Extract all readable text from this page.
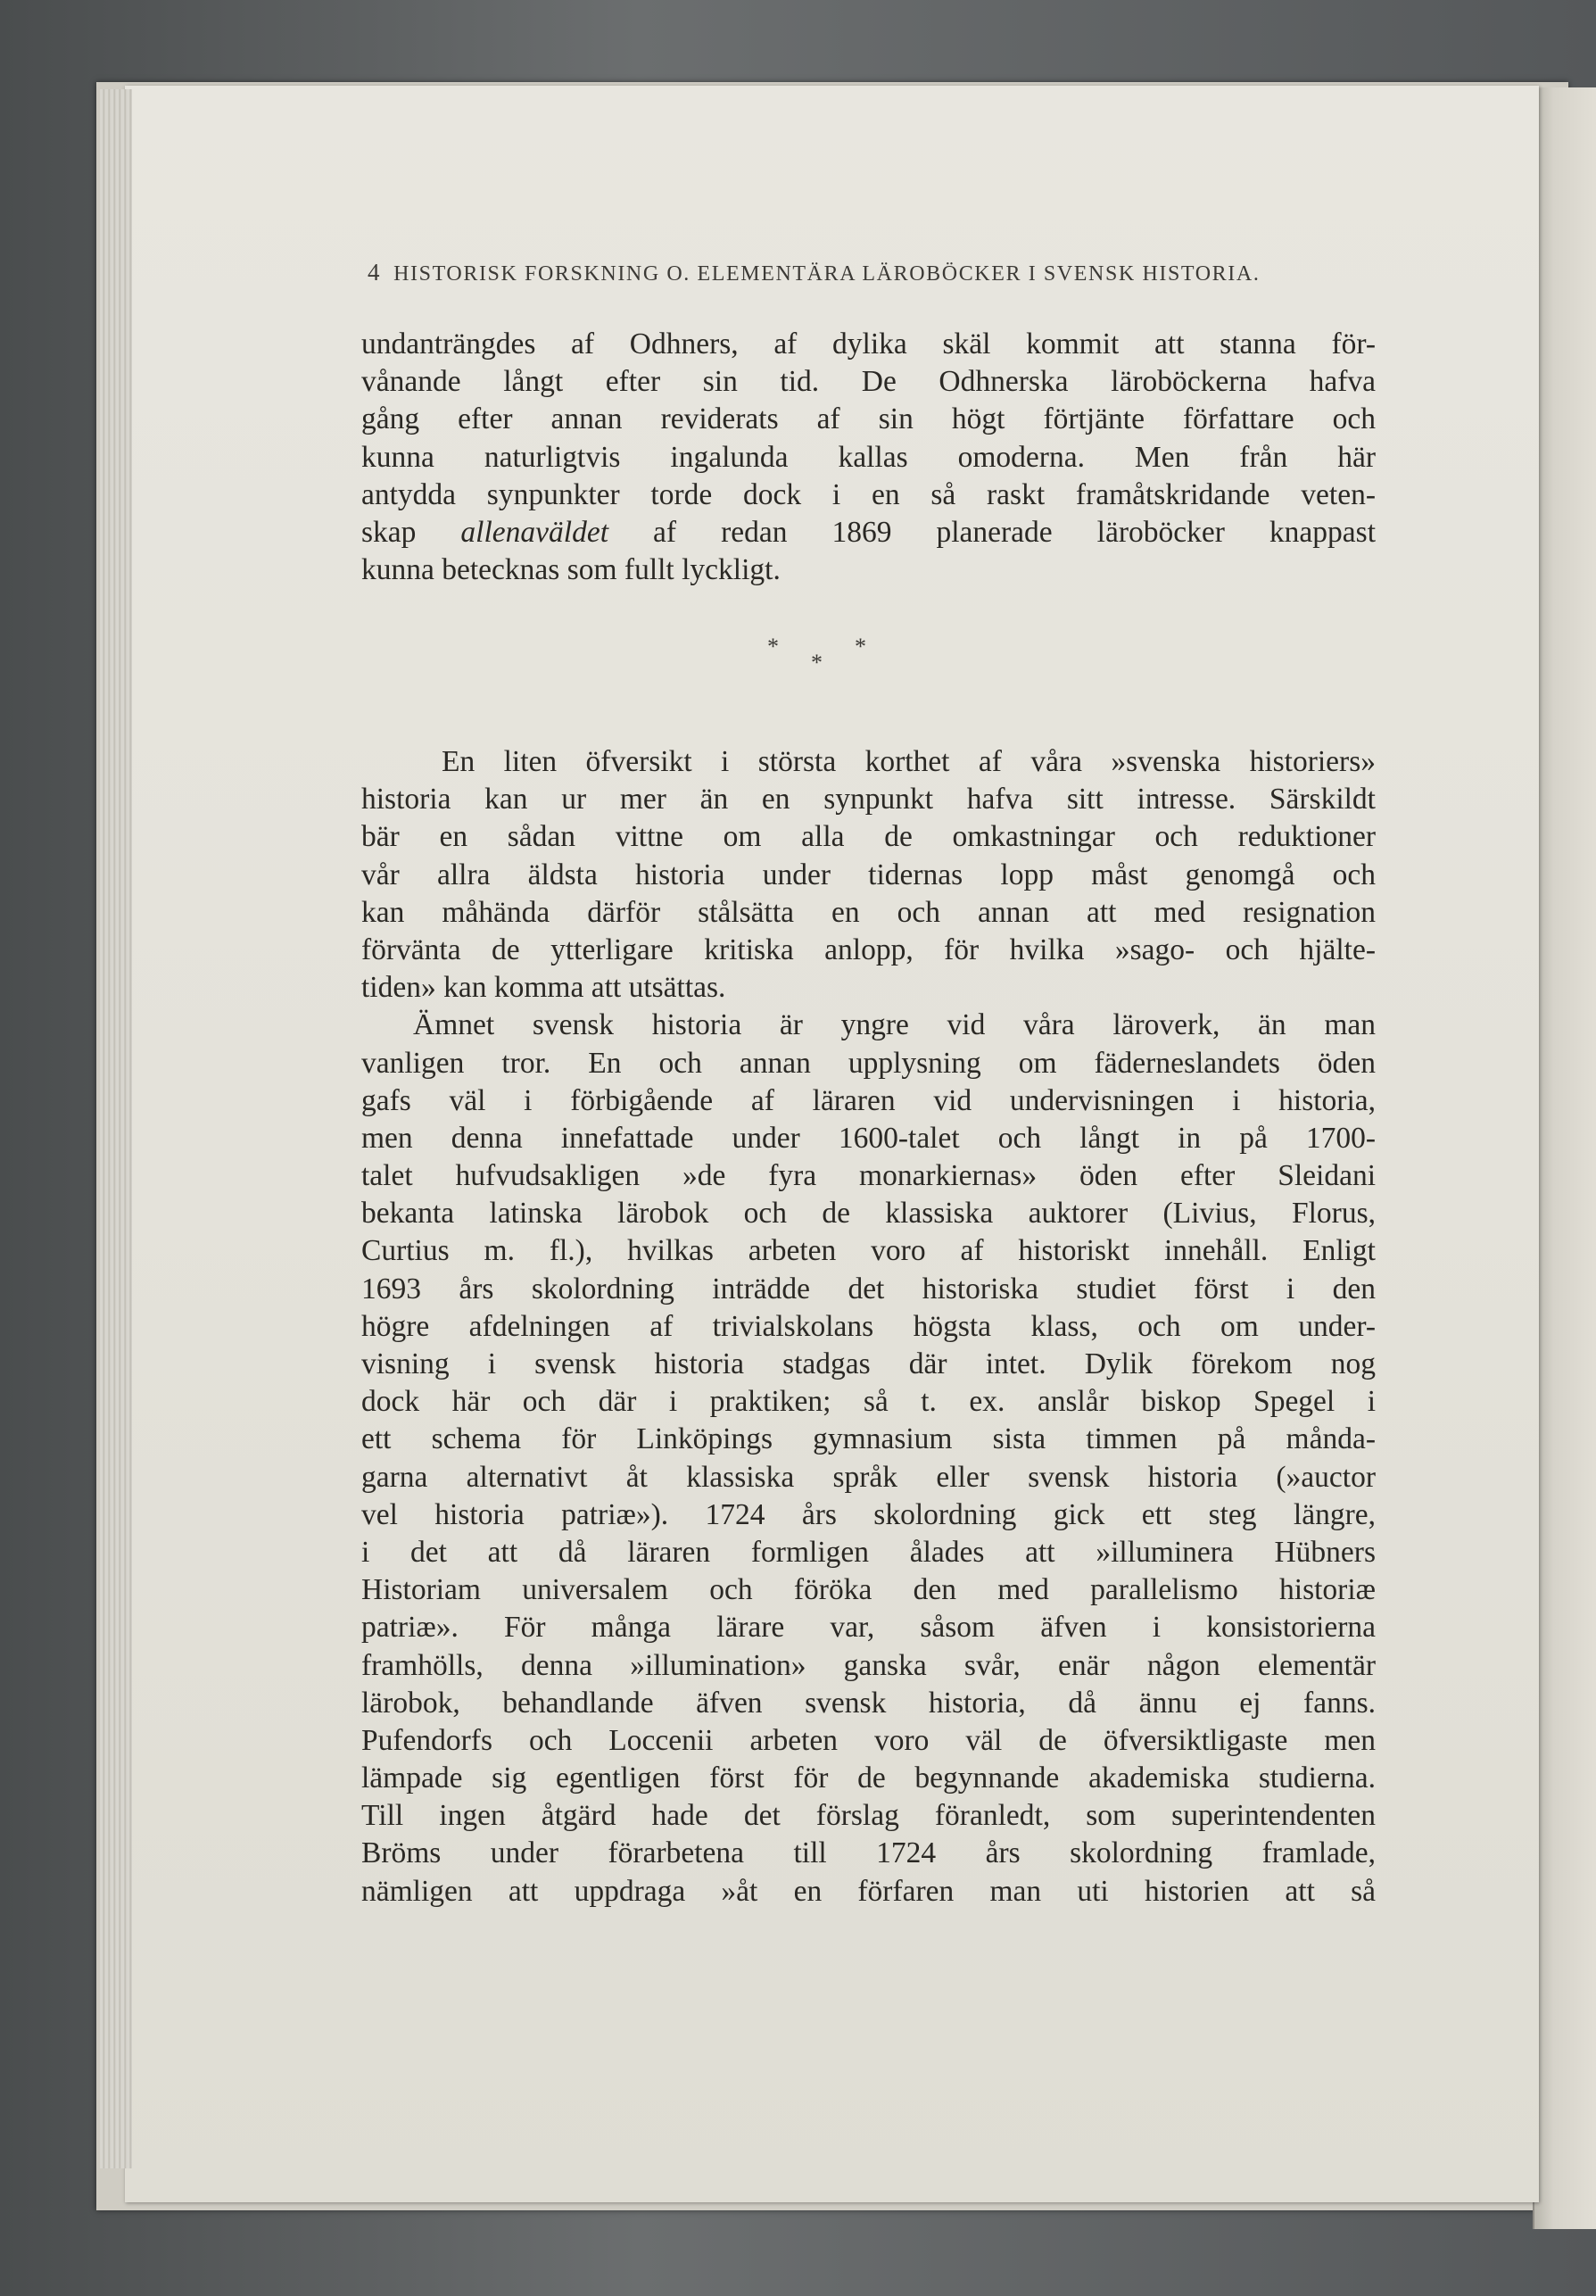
4 HISTORISK FORSKNING O. ELEMENTÄRA LÄROBÖCKER I SVENSK HISTORIA.
undanträngdes af Odhners, af dylika skäl kommit att stanna för-
vånande långt efter sin tid. De Odhnerska läroböckerna hafva
gång efter annan reviderats af sin högt förtjänte författare och
kunna naturligtvis ingalunda kallas omoderna. Men från här
antydda synpunkter torde dock i en så raskt framåtskridande veten-
skap allenaväldet af redan 1869 planerade läroböcker knappast
kunna betecknas som fullt lyckligt.
*	*
*
En liten öfversikt i största korthet af våra »svenska historiers»
historia kan ur mer än en synpunkt hafva sitt intresse. Särskildt
bär en sådan vittne om alla de omkastningar och reduktioner
vår allra äldsta historia under tidernas lopp måst genomgå och
kan måhända därför stålsätta en och annan att med resignation
förvänta de ytterligare kritiska anlopp, för hvilka »sago- och hjälte-
tiden» kan komma att utsättas.
Ämnet svensk historia är yngre vid våra läroverk, än man
vanligen tror. En och annan upplysning om fäderneslandets öden
gafs väl i förbigående af läraren vid undervisningen i historia,
men denna innefattade under 1600-talet och långt in på 1700-
talet hufvudsakligen »de fyra monarkiernas» öden efter Sleidani
bekanta latinska lärobok och de klassiska auktorer (Livius, Florus,
Curtius m. fl.), hvilkas arbeten voro af historiskt innehåll. Enligt
1693 års skolordning inträdde det historiska studiet först i den
högre afdelningen af trivialskolans högsta klass, och om under-
visning i svensk historia stadgas där intet. Dylik förekom nog
dock här och där i praktiken; så t. ex. anslår biskop Spegel i
ett schema för Linköpings gymnasium sista timmen på månda-
garna alternativt åt klassiska språk eller svensk historia (»auctor
vel historia patriæ»). 1724 års skolordning gick ett steg längre,
i det att då läraren formligen ålades att »illuminera Hübners
Historiam universalem och föröka den med parallelismo historiæ
patriæ». För många lärare var, såsom äfven i konsistorierna
framhölls, denna »illumination» ganska svår, enär någon elementär
lärobok, behandlande äfven svensk historia, då ännu ej fanns.
Pufendorfs och Loccenii arbeten voro väl de öfversiktligaste men
lämpade sig egentligen först för de begynnande akademiska studierna.
Till ingen åtgärd hade det förslag föranledt, som superintendenten
Bröms under förarbetena till 1724 års skolordning framlade,
nämligen att uppdraga »åt en förfaren man uti historien att så
